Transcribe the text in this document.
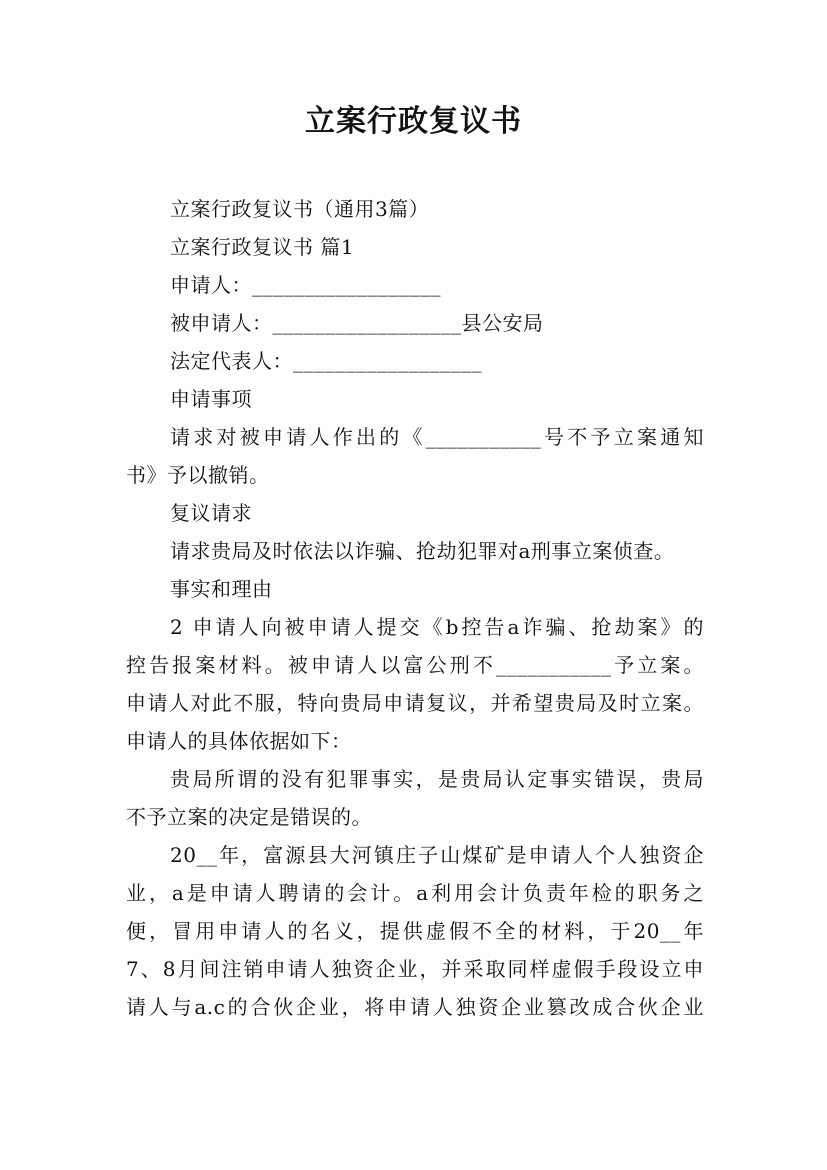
立案行政复议书

立案行政复议书（通用3篇）

立案行政复议书 篇1

申请人：__________________

被申请人：__________________县公安局

法定代表人：__________________

申请事项

请求对被申请人作出的《___________号不予立案通知

书》予以撤销。

复议请求

请求贵局及时依法以诈骗、抢劫犯罪对a刑事立案侦查。

事实和理由

2 申请人向被申请人提交《b控告a诈骗、抢劫案》的

控告报案材料。被申请人以富公刑不___________予立案。

申请人对此不服，特向贵局申请复议，并希望贵局及时立案。

申请人的具体依据如下：

贵局所谓的没有犯罪事实，是贵局认定事实错误，贵局

不予立案的决定是错误的。

20__年，富源县大河镇庄子山煤矿是申请人个人独资企

业，a是申请人聘请的会计。a利用会计负责年检的职务之

便，冒用申请人的名义，提供虚假不全的材料，于20__年

7、8月间注销申请人独资企业，并采取同样虚假手段设立申

请人与a.c的合伙企业，将申请人独资企业篡改成合伙企业
